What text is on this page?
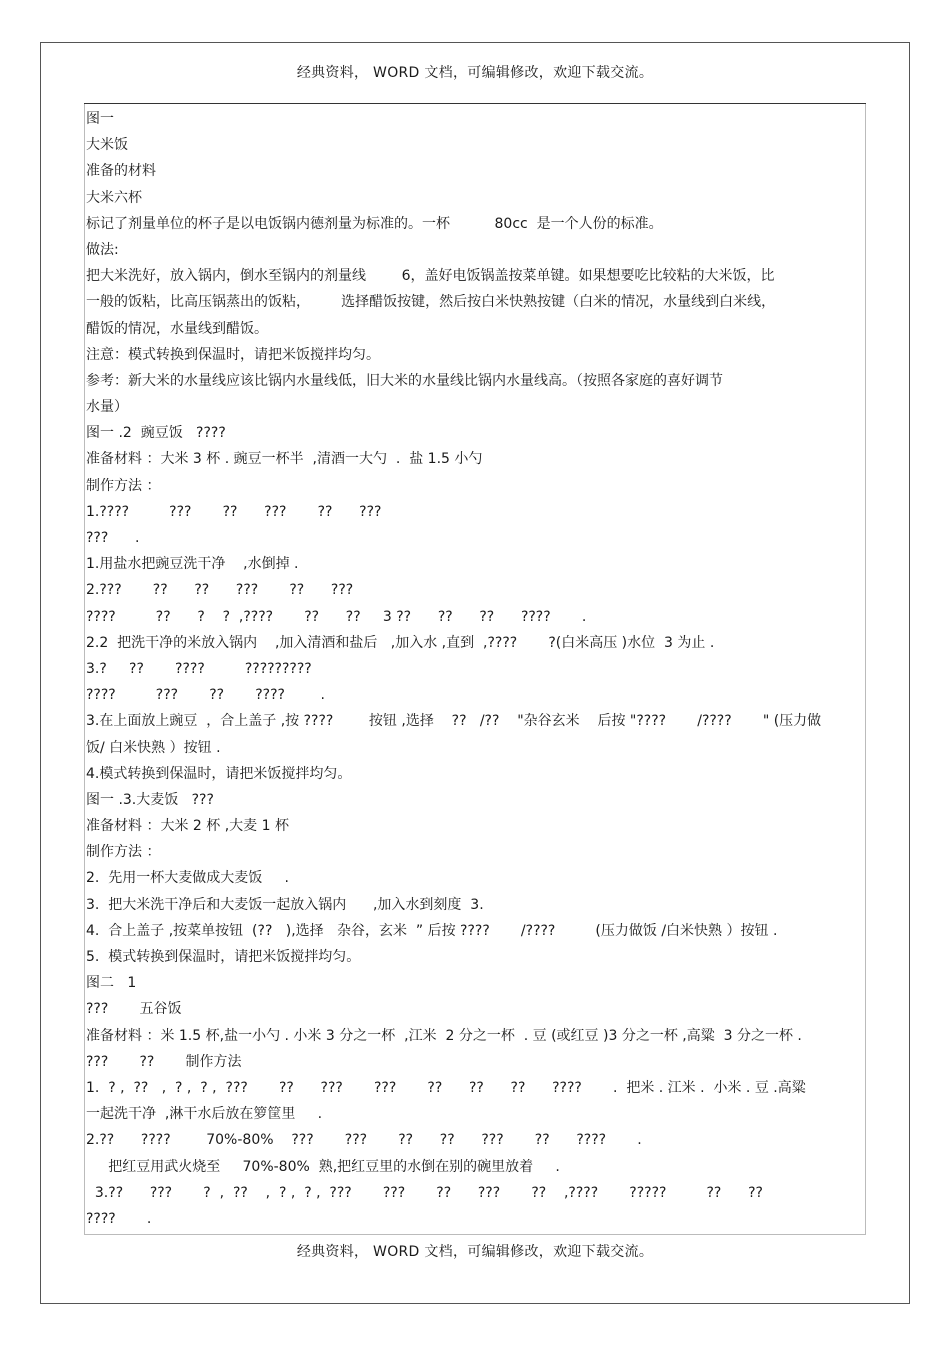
经典资料， WORD 文档，可编辑修改，欢迎下载交流。
图一
大米饭
准备的材料
大米六杯
标记了剂量单位的杯子是以电饭锅内德剂量为标准的。一杯          80cc  是一个人份的标准。
做法:
把大米洗好，放入锅内，倒水至锅内的剂量线        6，盖好电饭锅盖按菜单键。如果想要吃比较粘的大米饭，比
一般的饭粘，比高压锅蒸出的饭粘，       选择醋饭按键，然后按白米快熟按键（白米的情况，水量线到白米线，
醋饭的情况，水量线到醋饭。
注意：模式转换到保温时，请把米饭搅拌均匀。
参考：新大米的水量线应该比锅内水量线低，旧大米的水量线比锅内水量线高。（按照各家庭的喜好调节
水量）
图一 .2  豌豆饭   ????
准备材料 ：大米 3 杯 . 豌豆一杯半  ,清酒一大勺  .  盐 1.5 小勺
制作方法 ：
1.????         ???       ??      ???       ??      ???
???      .
1.用盐水把豌豆洗干净    ,水倒掉 .
2.???       ??      ??      ???       ??      ???
????         ??      ?    ?  ,????       ??      ??     3 ??      ??      ??      ????       .
2.2  把洗干净的米放入锅内    ,加入清酒和盐后   ,加入水 ,直到  ,????       ?(白米高压 )水位  3 为止 .
3.?     ??       ????         ?????????
????         ???       ??       ????        .
3.在上面放上豌豆  ，合上盖子 ,按 ????        按钮 ,选择    ??   /??    "杂谷玄米    后按 "????       /????       " (压力做
饭/ 白米快熟 ）按钮 .
4.模式转换到保温时，请把米饭搅拌均匀。
图一 .3.大麦饭   ???
准备材料 ：大米 2 杯 ,大麦 1 杯
制作方法 ：
2.  先用一杯大麦做成大麦饭     .
3.  把大米洗干净后和大麦饭一起放入锅内      ,加入水到刻度  3.
4.  合上盖子 ,按菜单按钮  (??   ),选择   杂谷，玄米  ” 后按 ????       /????         (压力做饭 /白米快熟 ）按钮 .
5.  模式转换到保温时，请把米饭搅拌均匀。
图二   1
???       五谷饭
准备材料 ：米 1.5 杯,盐一小勺 . 小米 3 分之一杯  ,江米  2 分之一杯  . 豆 (或红豆 )3 分之一杯 ,高粱  3 分之一杯 .
???       ??       制作方法
1.  ? ,  ??   ,  ? ,  ? ,  ???       ??      ???       ???       ??      ??      ??      ????       .  把米 . 江米 .  小米 . 豆 .高粱
一起洗干净  ,淋干水后放在箩筐里     .
2.??      ????        70%-80%    ???       ???       ??      ??      ???       ??      ????       .
把红豆用武火烧至     70%-80%  熟,把红豆里的水倒在别的碗里放着     .
3.??      ???       ?  ,  ??    ,  ? ,  ? ,  ???       ???       ??      ???       ??    ,????       ?????         ??      ??
????       .
经典资料， WORD 文档，可编辑修改，欢迎下载交流。
